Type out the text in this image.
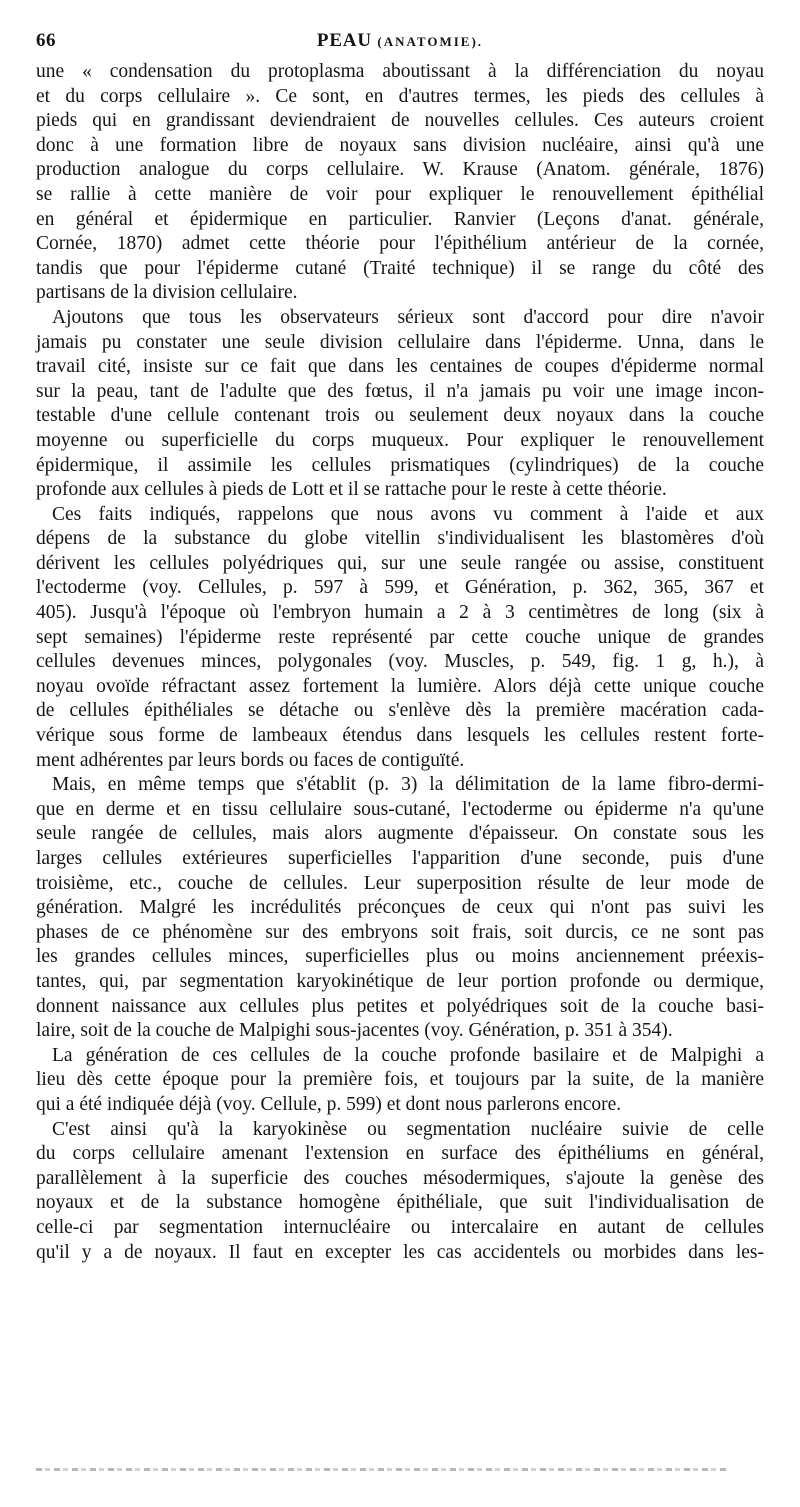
66	PEAU (ANATOMIE).
une « condensation du protoplasma aboutissant à la différenciation du noyau
et du corps cellulaire ». Ce sont, en d'autres termes, les pieds des cellules à
pieds qui en grandissant deviendraient de nouvelles cellules. Ces auteurs croient
donc à une formation libre de noyaux sans division nucléaire, ainsi qu'à une
production analogue du corps cellulaire. W. Krause (Anatom. générale, 1876)
se rallie à cette manière de voir pour expliquer le renouvellement épithélial
en général et épidermique en particulier. Ranvier (Leçons d'anat. générale,
Cornée, 1870) admet cette théorie pour l'épithélium antérieur de la cornée,
tandis que pour l'épiderme cutané (Traité technique) il se range du côté des
partisans de la division cellulaire.
Ajoutons que tous les observateurs sérieux sont d'accord pour dire n'avoir
jamais pu constater une seule division cellulaire dans l'épiderme. Unna, dans le
travail cité, insiste sur ce fait que dans les centaines de coupes d'épiderme normal
sur la peau, tant de l'adulte que des fœtus, il n'a jamais pu voir une image incon-
testable d'une cellule contenant trois ou seulement deux noyaux dans la couche
moyenne ou superficielle du corps muqueux. Pour expliquer le renouvellement
épidermique, il assimile les cellules prismatiques (cylindriques) de la couche
profonde aux cellules à pieds de Lott et il se rattache pour le reste à cette théorie.
Ces faits indiqués, rappelons que nous avons vu comment à l'aide et aux
dépens de la substance du globe vitellin s'individualisent les blastomères d'où
dérivent les cellules polyédriques qui, sur une seule rangée ou assise, constituent
l'ectoderme (voy. Cellules, p. 597 à 599, et Génération, p. 362, 365, 367 et
405). Jusqu'à l'époque où l'embryon humain a 2 à 3 centimètres de long (six à
sept semaines) l'épiderme reste représenté par cette couche unique de grandes
cellules devenues minces, polygonales (voy. Muscles, p. 549, fig. 1 g, h.), à
noyau ovoïde réfractant assez fortement la lumière. Alors déjà cette unique couche
de cellules épithéliales se détache ou s'enlève dès la première macération cada-
vérique sous forme de lambeaux étendus dans lesquels les cellules restent forte-
ment adhérentes par leurs bords ou faces de contiguïté.
Mais, en même temps que s'établit (p. 3) la délimitation de la lame fibro-dermi-
que en derme et en tissu cellulaire sous-cutané, l'ectoderme ou épiderme n'a qu'une
seule rangée de cellules, mais alors augmente d'épaisseur. On constate sous les
larges cellules extérieures superficielles l'apparition d'une seconde, puis d'une
troisième, etc., couche de cellules. Leur superposition résulte de leur mode de
génération. Malgré les incrédulités préconçues de ceux qui n'ont pas suivi les
phases de ce phénomène sur des embryons soit frais, soit durcis, ce ne sont pas
les grandes cellules minces, superficielles plus ou moins anciennement préexis-
tantes, qui, par segmentation karyokinétique de leur portion profonde ou dermique,
donnent naissance aux cellules plus petites et polyédriques soit de la couche basi-
laire, soit de la couche de Malpighi sous-jacentes (voy. Génération, p. 351 à 354).
La génération de ces cellules de la couche profonde basilaire et de Malpighi a
lieu dès cette époque pour la première fois, et toujours par la suite, de la manière
qui a été indiquée déjà (voy. Cellule, p. 599) et dont nous parlerons encore.
C'est ainsi qu'à la karyokinèse ou segmentation nucléaire suivie de celle
du corps cellulaire amenant l'extension en surface des épithéliums en général,
parallèlement à la superficie des couches mésodermiques, s'ajoute la genèse des
noyaux et de la substance homogène épithéliale, que suit l'individualisation de
celle-ci par segmentation internucléaire ou intercalaire en autant de cellules
qu'il y a de noyaux. Il faut en excepter les cas accidentels ou morbides dans les-
